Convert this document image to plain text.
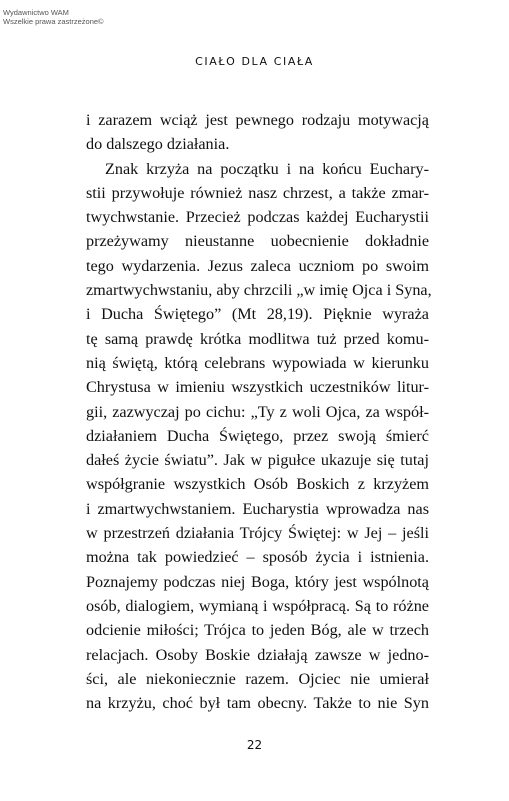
Wydawnictwo WAM
Wszelkie prawa zastrzeżone©
CIAŁO DLA CIAŁA
i zarazem wciąż jest pewnego rodzaju motywacją
do dalszego działania.
Znak krzyża na początku i na końcu Euchary-
stii przywołuje również nasz chrzest, a także zmar-
twychwstanie. Przecież podczas każdej Eucharystii
przeżywamy nieustanne uobecnienie dokładnie
tego wydarzenia. Jezus zaleca uczniom po swoim
zmartwychwstaniu, aby chrzcili „w imię Ojca i Syna,
i Ducha Świętego” (Mt 28,19). Pięknie wyraża
tę samą prawdę krótka modlitwa tuż przed komu-
nią świętą, którą celebrans wypowiada w kierunku
Chrystusa w imieniu wszystkich uczestników litur-
gii, zazwyczaj po cichu: „Ty z woli Ojca, za współ-
działaniem Ducha Świętego, przez swoją śmierć
dałeś życie światu”. Jak w pigułce ukazuje się tutaj
współgranie wszystkich Osób Boskich z krzyżem
i zmartwychwstaniem. Eucharystia wprowadza nas
w przestrzeń działania Trójcy Świętej: w Jej – jeśli
można tak powiedzieć – sposób życia i istnienia.
Poznajemy podczas niej Boga, który jest wspólnotą
osób, dialogiem, wymianą i współpracą. Są to różne
odcienie miłości; Trójca to jeden Bóg, ale w trzech
relacjach. Osoby Boskie działają zawsze w jedno-
ści, ale niekoniecznie razem. Ojciec nie umierał
na krzyżu, choć był tam obecny. Także to nie Syn
22
